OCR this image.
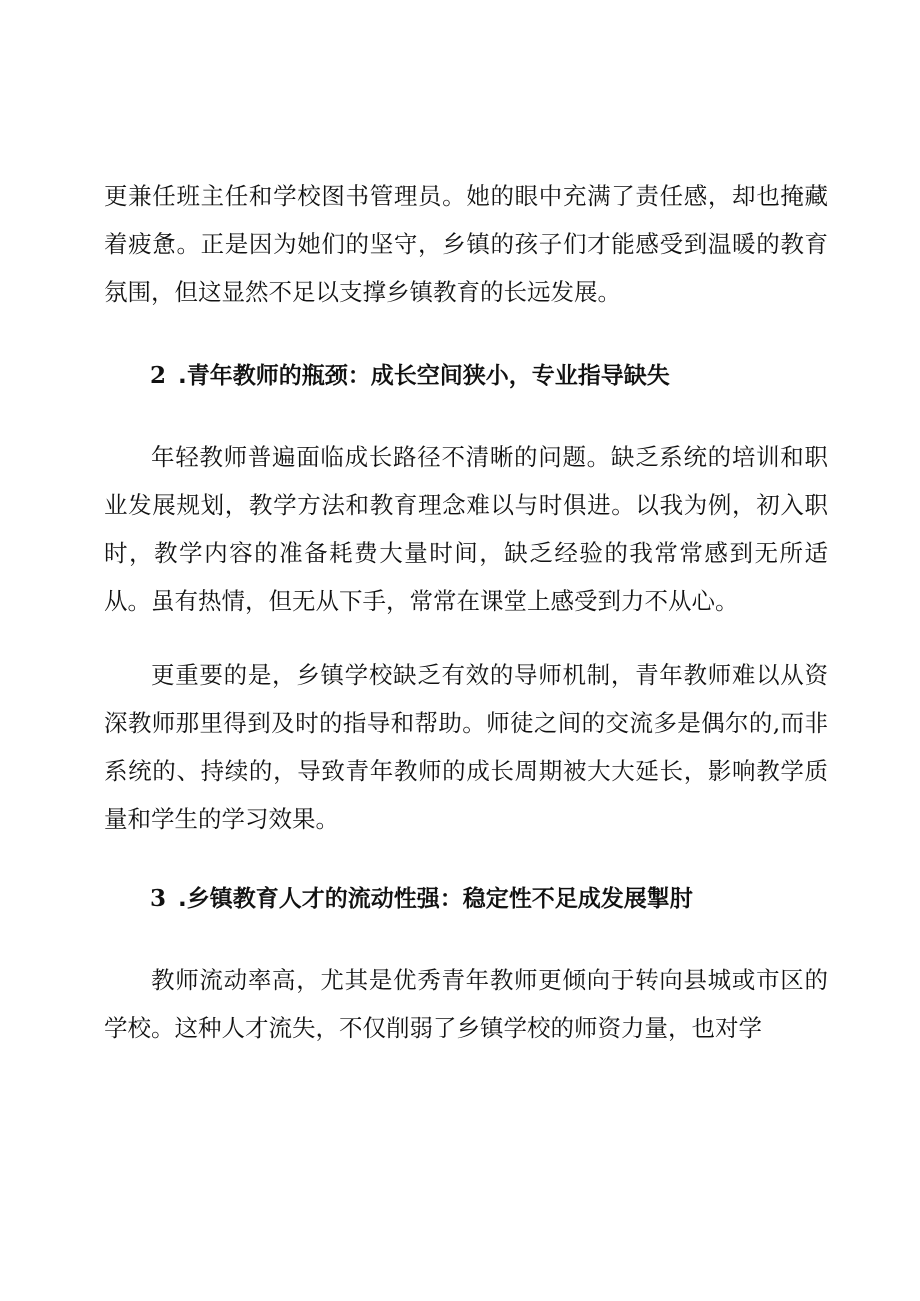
更兼任班主任和学校图书管理员。她的眼中充满了责任感，却也掩藏着疲惫。正是因为她们的坚守，乡镇的孩子们才能感受到温暖的教育氛围，但这显然不足以支撑乡镇教育的长远发展。

2 .青年教师的瓶颈：成长空间狭小，专业指导缺失

年轻教师普遍面临成长路径不清晰的问题。缺乏系统的培训和职业发展规划，教学方法和教育理念难以与时俱进。以我为例，初入职时，教学内容的准备耗费大量时间，缺乏经验的我常常感到无所适从。虽有热情，但无从下手，常常在课堂上感受到力不从心。

更重要的是，乡镇学校缺乏有效的导师机制，青年教师难以从资深教师那里得到及时的指导和帮助。师徒之间的交流多是偶尔的,而非系统的、持续的，导致青年教师的成长周期被大大延长，影响教学质量和学生的学习效果。

3 .乡镇教育人才的流动性强：稳定性不足成发展掣肘

教师流动率高，尤其是优秀青年教师更倾向于转向县城或市区的学校。这种人才流失，不仅削弱了乡镇学校的师资力量，也对学
